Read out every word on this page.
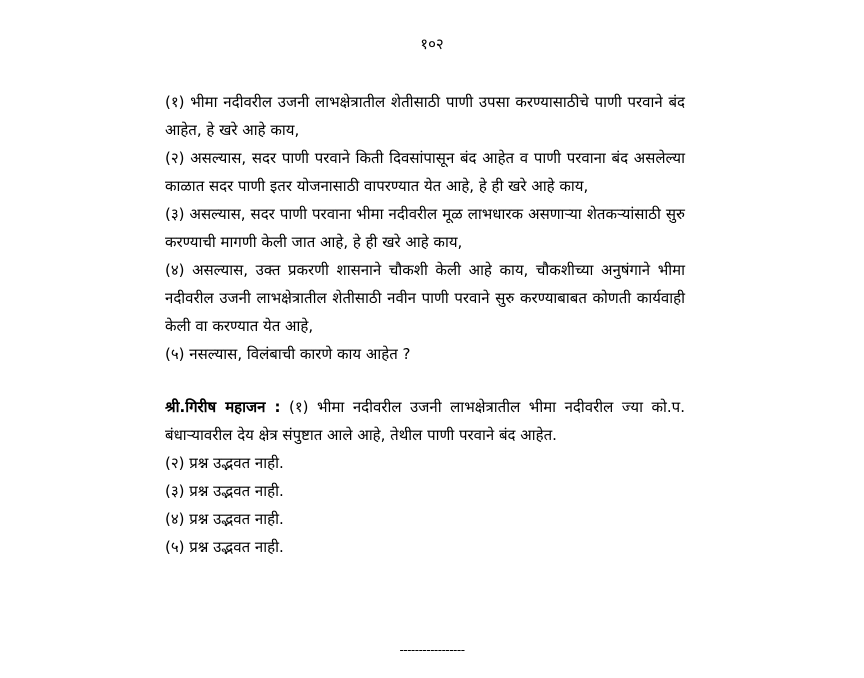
१०२

(१) भीमा नदीवरील उजनी लाभक्षेत्रातील शेतीसाठी पाणी उपसा करण्यासाठीचे पाणी परवाने बंद आहेत, हे खरे आहे काय,

(२) असल्यास, सदर पाणी परवाने किती दिवसांपासून बंद आहेत व पाणी परवाना बंद असलेल्या काळात सदर पाणी इतर योजनासाठी वापरण्यात येत आहे, हे ही खरे आहे काय,

(३) असल्यास, सदर पाणी परवाना भीमा नदीवरील मूळ लाभधारक असणाऱ्या शेतकऱ्यांसाठी सुरु करण्याची मागणी केली जात आहे, हे ही खरे आहे काय,

(४) असल्यास, उक्त प्रकरणी शासनाने चौकशी केली आहे काय, चौकशीच्या अनुषंगाने भीमा नदीवरील उजनी लाभक्षेत्रातील शेतीसाठी नवीन पाणी परवाने सुरु करण्याबाबत कोणती कार्यवाही केली वा करण्यात येत आहे,

(५) नसल्यास, विलंबाची कारणे काय आहेत ?

श्री.गिरीष महाजन : (१) भीमा नदीवरील उजनी लाभक्षेत्रातील भीमा नदीवरील ज्या को.प. बंधाऱ्यावरील देय क्षेत्र संपुष्टात आले आहे, तेथील पाणी परवाने बंद आहेत.

(२) प्रश्न उद्भवत नाही.

(३) प्रश्न उद्भवत नाही.

(४) प्रश्न उद्भवत नाही.

(५) प्रश्न उद्भवत नाही.

-----------------
